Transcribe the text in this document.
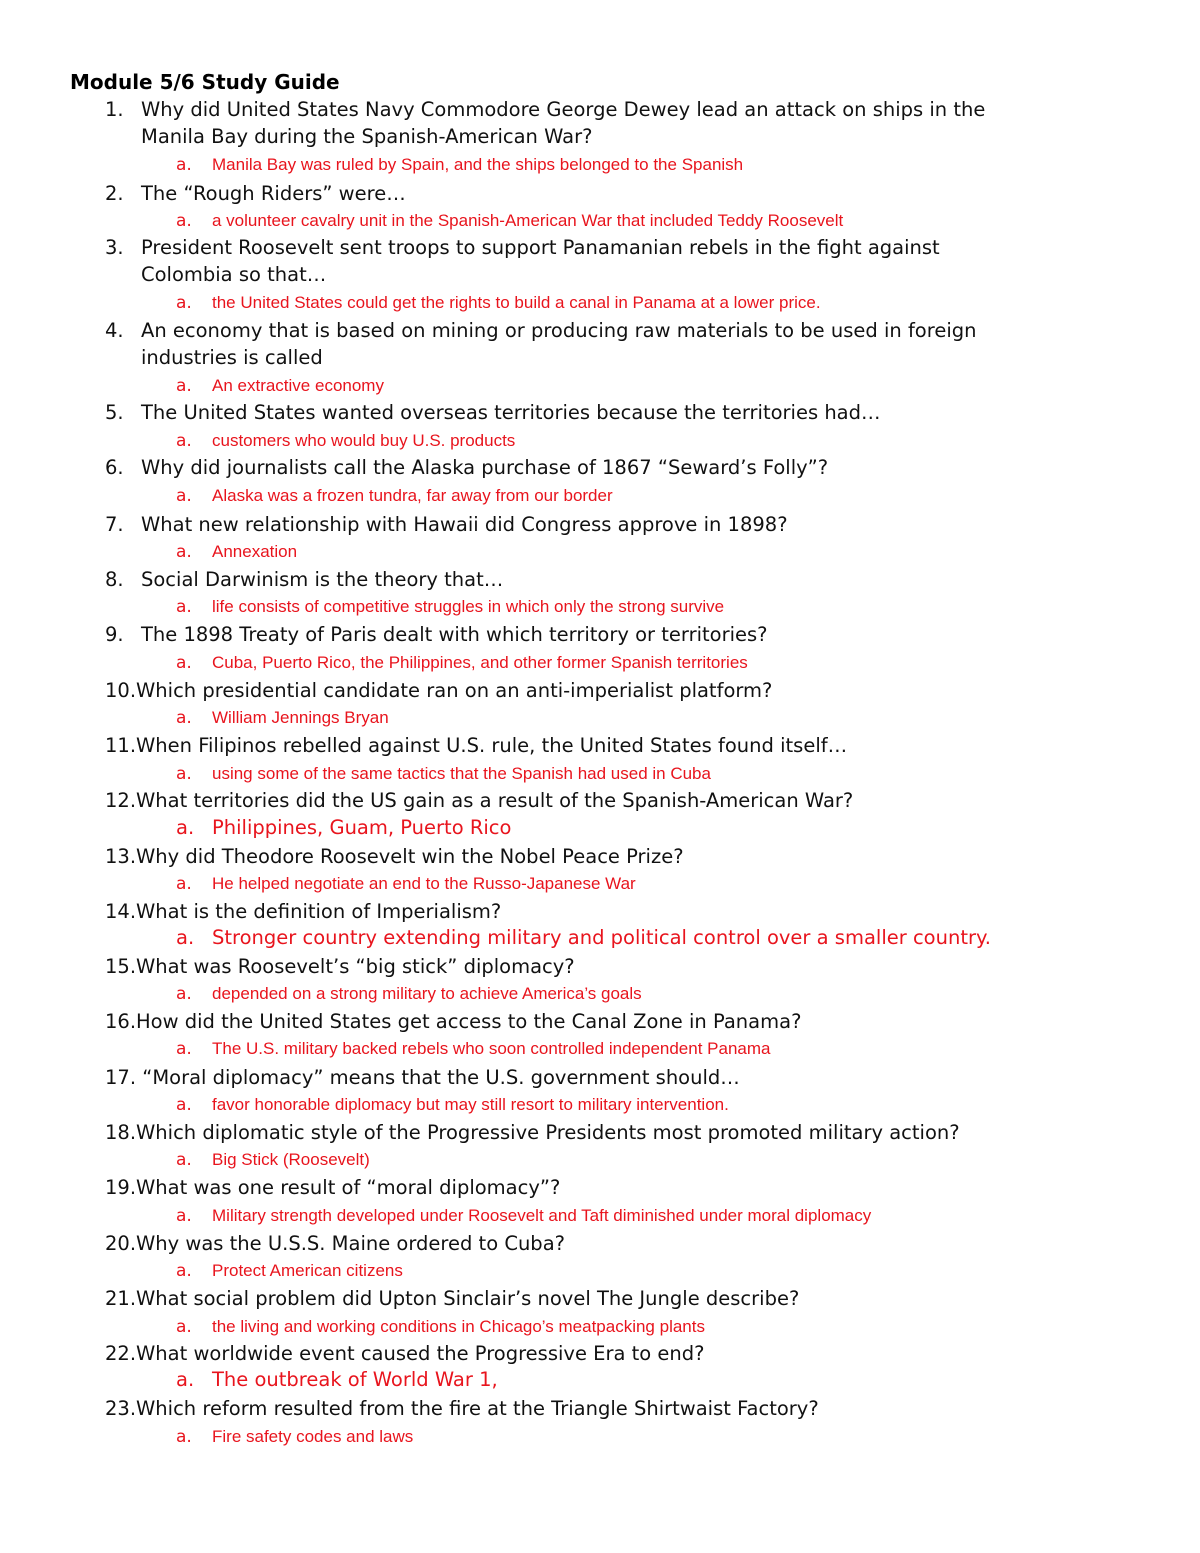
Module 5/6 Study Guide
1. Why did United States Navy Commodore George Dewey lead an attack on ships in the
Manila Bay during the Spanish-American War?
a. Manila Bay was ruled by Spain, and the ships belonged to the Spanish
2. The “Rough Riders” were…
a. a volunteer cavalry unit in the Spanish-American War that included Teddy Roosevelt
3. President Roosevelt sent troops to support Panamanian rebels in the fight against
Colombia so that…
a. the United States could get the rights to build a canal in Panama at a lower price.
4. An economy that is based on mining or producing raw materials to be used in foreign
industries is called
a. An extractive economy
5. The United States wanted overseas territories because the territories had…
a. customers who would buy U.S. products
6. Why did journalists call the Alaska purchase of 1867 “Seward’s Folly”?
a. Alaska was a frozen tundra, far away from our border
7. What new relationship with Hawaii did Congress approve in 1898?
a. Annexation
8. Social Darwinism is the theory that…
a. life consists of competitive struggles in which only the strong survive
9. The 1898 Treaty of Paris dealt with which territory or territories?
a. Cuba, Puerto Rico, the Philippines, and other former Spanish territories
10.Which presidential candidate ran on an anti-imperialist platform?
a. William Jennings Bryan
11.When Filipinos rebelled against U.S. rule, the United States found itself…
a. using some of the same tactics that the Spanish had used in Cuba
12.What territories did the US gain as a result of the Spanish-American War?
a. Philippines, Guam, Puerto Rico
13.Why did Theodore Roosevelt win the Nobel Peace Prize?
a. He helped negotiate an end to the Russo-Japanese War
14.What is the definition of Imperialism?
a. Stronger country extending military and political control over a smaller country.
15.What was Roosevelt’s “big stick” diplomacy?
a. depended on a strong military to achieve America’s goals
16.How did the United States get access to the Canal Zone in Panama?
a. The U.S. military backed rebels who soon controlled independent Panama
17. “Moral diplomacy” means that the U.S. government should…
a. favor honorable diplomacy but may still resort to military intervention.
18.Which diplomatic style of the Progressive Presidents most promoted military action?
a. Big Stick (Roosevelt)
19.What was one result of “moral diplomacy”?
a. Military strength developed under Roosevelt and Taft diminished under moral diplomacy
20.Why was the U.S.S. Maine ordered to Cuba?
a. Protect American citizens
21.What social problem did Upton Sinclair’s novel The Jungle describe?
a. the living and working conditions in Chicago’s meatpacking plants
22.What worldwide event caused the Progressive Era to end?
a. The outbreak of World War 1,
23.Which reform resulted from the fire at the Triangle Shirtwaist Factory?
a. Fire safety codes and laws
